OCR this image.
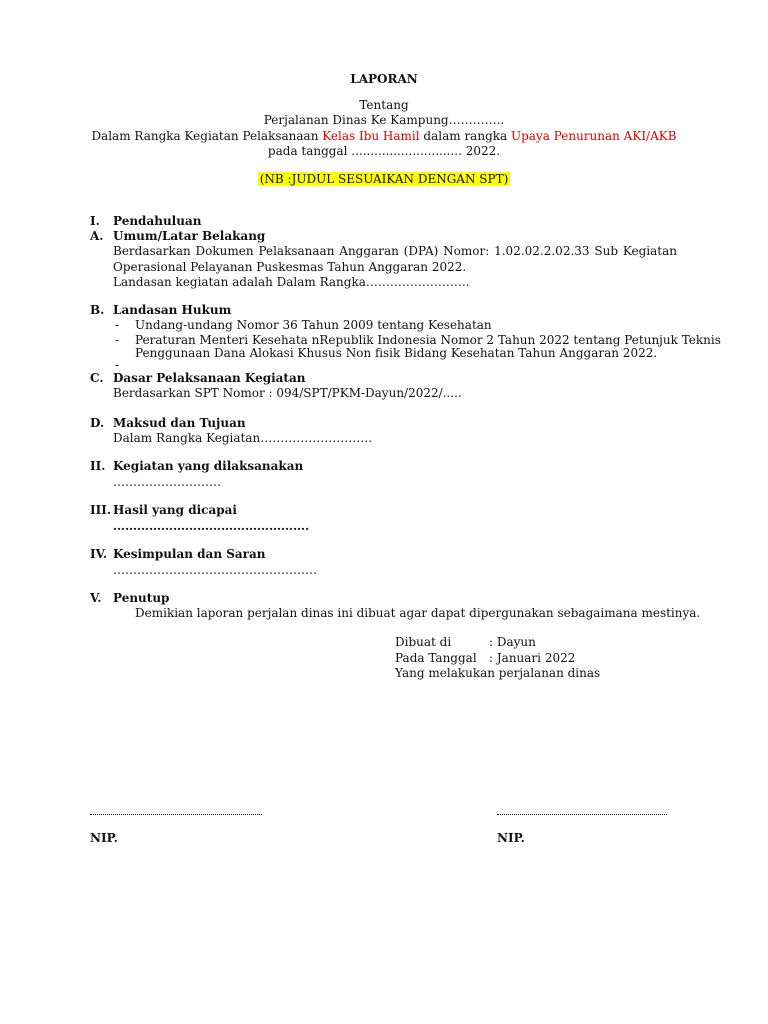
LAPORAN
Tentang
Perjalanan Dinas Ke Kampung…………..
Dalam Rangka Kegiatan Pelaksanaan Kelas Ibu Hamil dalam rangka Upaya Penurunan AKI/AKB
pada tanggal ............................. 2022.
(NB :JUDUL SESUAIKAN DENGAN SPT)
I. Pendahuluan
A. Umum/Latar Belakang
Berdasarkan Dokumen Pelaksanaan Anggaran (DPA) Nomor: 1.02.02.2.02.33 Sub Kegiatan
Operasional Pelayanan Puskesmas Tahun Anggaran 2022.
Landasan kegiatan adalah Dalam Rangka……………………..
B. Landasan Hukum
- Undang-undang Nomor 36 Tahun 2009 tentang Kesehatan
- Peraturan Menteri Kesehata nRepublik Indonesia Nomor 2 Tahun 2022 tentang Petunjuk Teknis
Penggunaan Dana Alokasi Khusus Non fisik Bidang Kesehatan Tahun Anggaran 2022.
-
C. Dasar Pelaksanaan Kegiatan
Berdasarkan SPT Nomor : 094/SPT/PKM-Dayun/2022/.....
D. Maksud dan Tujuan
Dalam Rangka Kegiatan……………………….
II. Kegiatan yang dilaksanakan
………………………
III. Hasil yang dicapai
………………………………………….
IV. Kesimpulan dan Saran
……………………………………………
V. Penutup
Demikian laporan perjalan dinas ini dibuat agar dapat dipergunakan sebagaimana mestinya.
Dibuat di	: Dayun
Pada Tanggal : Januari 2022
Yang melakukan perjalanan dinas
NIP.	NIP.
